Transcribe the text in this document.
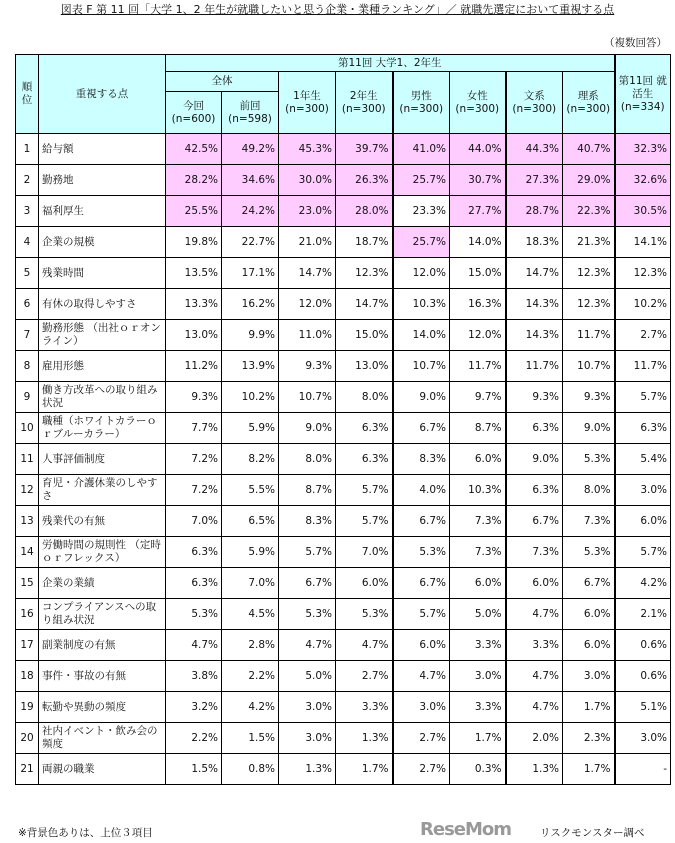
図表 F 第 11 回「大学 1、2 年生が就職したいと思う企業・業種ランキング」／ 就職先選定において重視する点
（複数回答）
順位	重視する点	第11回 大学1、2年生								第11回 就活生 (n=334)
		全体		1年生 (n=300)	2年生 (n=300)	男性 (n=300)	女性 (n=300)	文系 (n=300)	理系 (n=300)	
		今回 (n=600)	前回 (n=598)							
1	給与額	42.5%	49.2%	45.3%	39.7%	41.0%	44.0%	44.3%	40.7%	32.3%
2	勤務地	28.2%	34.6%	30.0%	26.3%	25.7%	30.7%	27.3%	29.0%	32.6%
3	福利厚生	25.5%	24.2%	23.0%	28.0%	23.3%	27.7%	28.7%	22.3%	30.5%
4	企業の規模	19.8%	22.7%	21.0%	18.7%	25.7%	14.0%	18.3%	21.3%	14.1%
5	残業時間	13.5%	17.1%	14.7%	12.3%	12.0%	15.0%	14.7%	12.3%	12.3%
6	有休の取得しやすさ	13.3%	16.2%	12.0%	14.7%	10.3%	16.3%	14.3%	12.3%	10.2%
7	勤務形態 （出社ｏｒオンライン）	13.0%	9.9%	11.0%	15.0%	14.0%	12.0%	14.3%	11.7%	2.7%
8	雇用形態	11.2%	13.9%	9.3%	13.0%	10.7%	11.7%	11.7%	10.7%	11.7%
9	働き方改革への取り組み状況	9.3%	10.2%	10.7%	8.0%	9.0%	9.7%	9.3%	9.3%	5.7%
10	職種（ホワイトカラーｏｒブルーカラー）	7.7%	5.9%	9.0%	6.3%	6.7%	8.7%	6.3%	9.0%	6.3%
11	人事評価制度	7.2%	8.2%	8.0%	6.3%	8.3%	6.0%	9.0%	5.3%	5.4%
12	育児・介護休業のしやすさ	7.2%	5.5%	8.7%	5.7%	4.0%	10.3%	6.3%	8.0%	3.0%
13	残業代の有無	7.0%	6.5%	8.3%	5.7%	6.7%	7.3%	6.7%	7.3%	6.0%
14	労働時間の規則性 （定時ｏｒフレックス）	6.3%	5.9%	5.7%	7.0%	5.3%	7.3%	7.3%	5.3%	5.7%
15	企業の業績	6.3%	7.0%	6.7%	6.0%	6.7%	6.0%	6.0%	6.7%	4.2%
16	コンプライアンスへの取り組み状況	5.3%	4.5%	5.3%	5.3%	5.7%	5.0%	4.7%	6.0%	2.1%
17	副業制度の有無	4.7%	2.8%	4.7%	4.7%	6.0%	3.3%	3.3%	6.0%	0.6%
18	事件・事故の有無	3.8%	2.2%	5.0%	2.7%	4.7%	3.0%	4.7%	3.0%	0.6%
19	転勤や異動の頻度	3.2%	4.2%	3.0%	3.3%	3.0%	3.3%	4.7%	1.7%	5.1%
20	社内イベント・飲み会の頻度	2.2%	1.5%	3.0%	1.3%	2.7%	1.7%	2.0%	2.3%	3.0%
21	両親の職業	1.5%	0.8%	1.3%	1.7%	2.7%	0.3%	1.3%	1.7%	-
※背景色ありは、上位３項目	ReseMom	リスクモンスター調べ
